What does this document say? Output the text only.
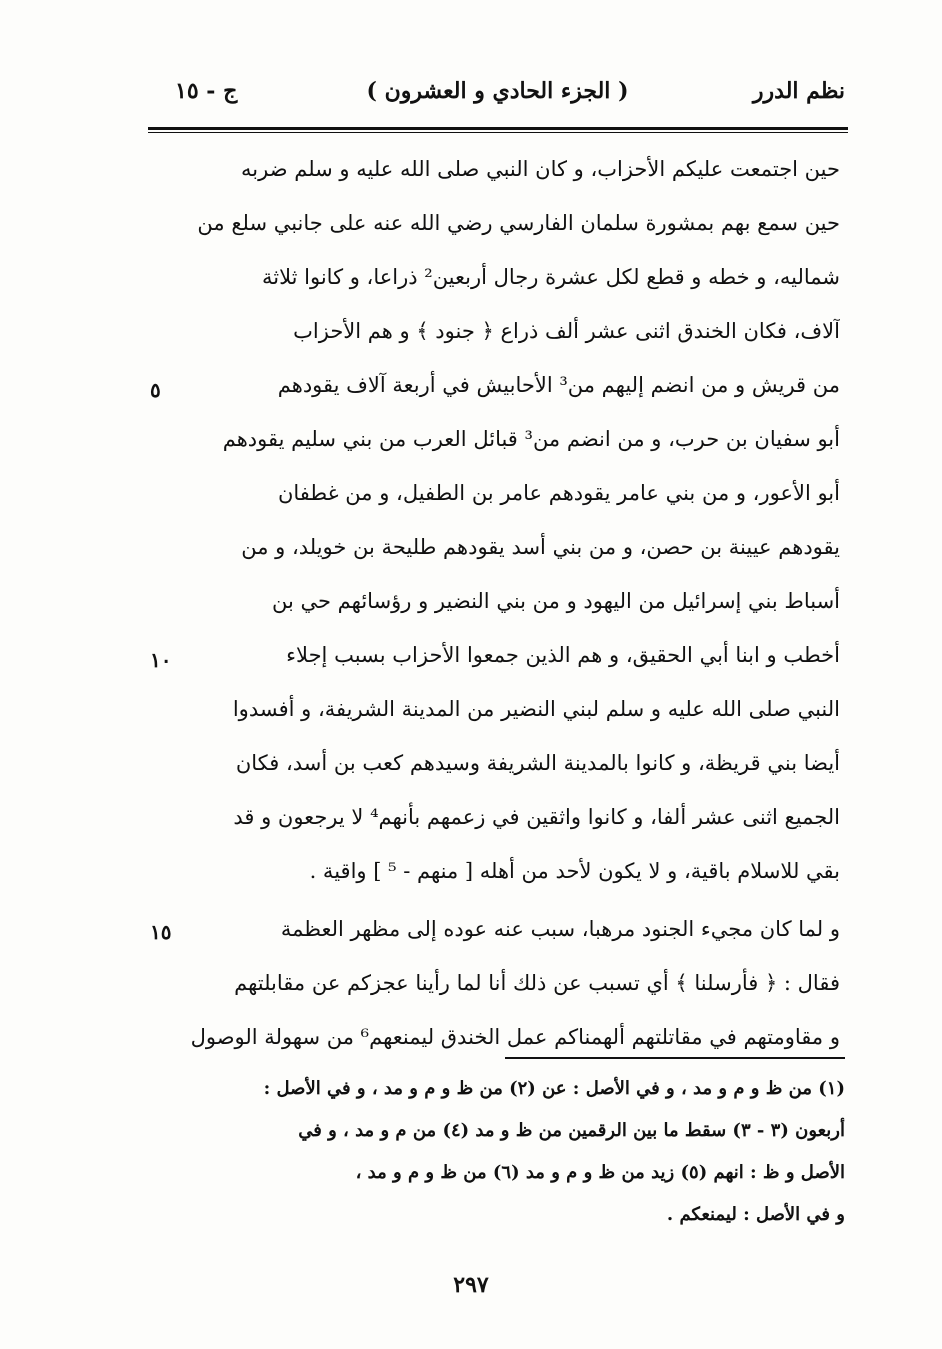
نظم الدرر
( الجزء الحادي و العشرون )
ج - ١٥
حين اجتمعت عليكم الأحزاب، و كان النبي صلى الله عليه و سلم ضربه
حين سمع بهم بمشورة سلمان الفارسي رضي الله عنه على جانبي سلع من
شماليه، و خطه و قطع لكل عشرة رجال أربعين² ذراعا، و كانوا ثلاثة
آلاف، فكان الخندق اثنى عشر ألف ذراع ﴿ جنود ﴾ و هم الأحزاب
من قريش و من انضم إليهم من³ الأحابيش في أربعة آلاف يقودهم
أبو سفيان بن حرب، و من انضم من³ قبائل العرب من بني سليم يقودهم
أبو الأعور، و من بني عامر يقودهم عامر بن الطفيل، و من غطفان
يقودهم عيينة بن حصن، و من بني أسد يقودهم طليحة بن خويلد، و من
أسباط بني إسرائيل من اليهود و من بني النضير و رؤسائهم حي بن
أخطب و ابنا أبي الحقيق، و هم الذين جمعوا الأحزاب بسبب إجلاء
النبي صلى الله عليه و سلم لبني النضير من المدينة الشريفة، و أفسدوا
أيضا بني قريظة، و كانوا بالمدينة الشريفة وسيدهم كعب بن أسد، فكان
الجميع اثنى عشر ألفا، و كانوا واثقين في زعمهم بأنهم⁴ لا يرجعون و قد
بقي للاسلام باقية، و لا يكون لأحد من أهله [ منهم - ⁵ ] واقية .
و لما كان مجيء الجنود مرهبا، سبب عنه عوده إلى مظهر العظمة
فقال : ﴿ فأرسلنا ﴾ أي تسبب عن ذلك أنا لما رأينا عجزكم عن مقابلتهم
و مقاومتهم في مقاتلتهم ألهمناكم عمل الخندق ليمنعهم⁶ من سهولة الوصول
٥
١٠
١٥
(١) من ظ و م و مد ، و في الأصل : عن (٢) من ظ و م و مد ، و في الأصل :
أربعون (٣ - ٣) سقط ما بين الرقمين من ظ و مد (٤) من م و مد ، و في
الأصل و ظ : انهم (٥) زيد من ظ و م و مد (٦) من ظ و م و مد ،
و في الأصل : ليمنعكم .
٢٩٧
